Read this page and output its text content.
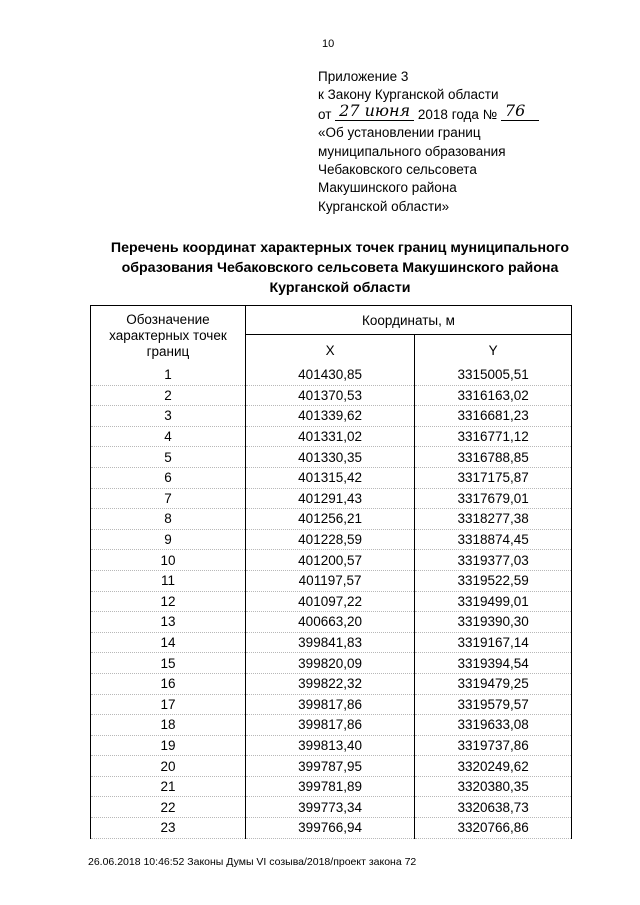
10
Приложение 3
к Закону Курганской области
от 27 июня 2018 года № 76
«Об установлении границ
муниципального образования
Чебаковского сельсовета
Макушинского района
Курганской области»
Перечень координат характерных точек границ муниципального
образования Чебаковского сельсовета Макушинского района
Курганской области
Обозначение характерных точек границ	Координаты, м	
	X	Y
1	401430,85	3315005,51
2	401370,53	3316163,02
3	401339,62	3316681,23
4	401331,02	3316771,12
5	401330,35	3316788,85
6	401315,42	3317175,87
7	401291,43	3317679,01
8	401256,21	3318277,38
9	401228,59	3318874,45
10	401200,57	3319377,03
11	401197,57	3319522,59
12	401097,22	3319499,01
13	400663,20	3319390,30
14	399841,83	3319167,14
15	399820,09	3319394,54
16	399822,32	3319479,25
17	399817,86	3319579,57
18	399817,86	3319633,08
19	399813,40	3319737,86
20	399787,95	3320249,62
21	399781,89	3320380,35
22	399773,34	3320638,73
23	399766,94	3320766,86
26.06.2018 10:46:52 Законы Думы VI созыва/2018/проект закона 72
